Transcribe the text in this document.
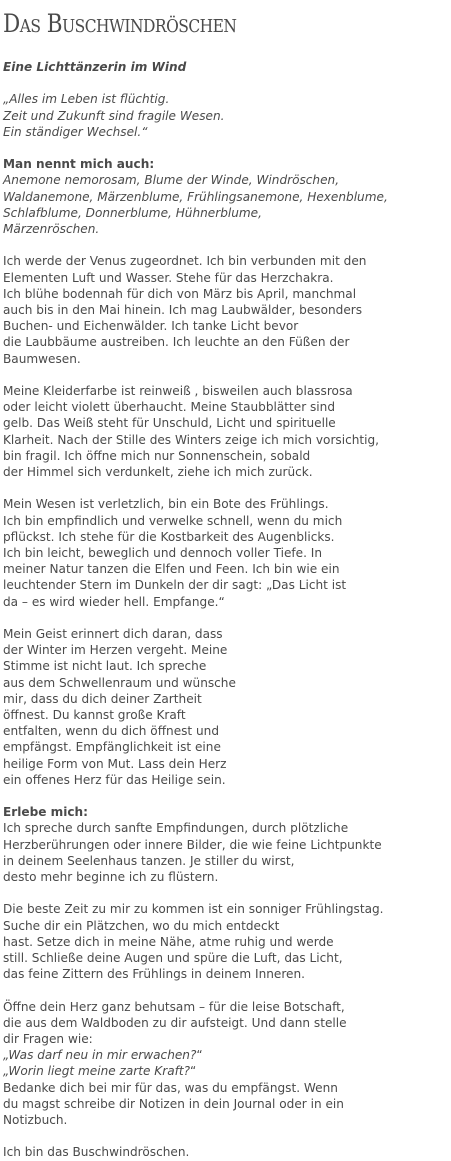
Das Buschwindröschen

Eine Lichttänzerin im Wind

„Alles im Leben ist flüchtig.
Zeit und Zukunft sind fragile Wesen.
Ein ständiger Wechsel.“

Man nennt mich auch:
Anemone nemorosam, Blume der Winde, Windröschen,
Waldanemone, Märzenblume, Frühlingsanemone, Hexenblume,
Schlafblume, Donnerblume, Hühnerblume,
Märzenröschen.

Ich werde der Venus zugeordnet. Ich bin verbunden mit den
Elementen Luft und Wasser. Stehe für das Herzchakra.
Ich blühe bodennah für dich von März bis April, manchmal
auch bis in den Mai hinein. Ich mag Laubwälder, besonders
Buchen- und Eichenwälder. Ich tanke Licht bevor
die Laubbäume austreiben. Ich leuchte an den Füßen der
Baumwesen.

Meine Kleiderfarbe ist reinweiß , bisweilen auch blassrosa
oder leicht violett überhaucht. Meine Staubblätter sind
gelb. Das Weiß steht für Unschuld, Licht und spirituelle
Klarheit. Nach der Stille des Winters zeige ich mich vorsichtig,
bin fragil. Ich öffne mich nur Sonnenschein, sobald
der Himmel sich verdunkelt, ziehe ich mich zurück.

Mein Wesen ist verletzlich, bin ein Bote des Frühlings.
Ich bin empfindlich und verwelke schnell, wenn du mich
pflückst. Ich stehe für die Kostbarkeit des Augenblicks.
Ich bin leicht, beweglich und dennoch voller Tiefe. In
meiner Natur tanzen die Elfen und Feen. Ich bin wie ein
leuchtender Stern im Dunkeln der dir sagt: „Das Licht ist
da – es wird wieder hell. Empfange.“

Mein Geist erinnert dich daran, dass
der Winter im Herzen vergeht. Meine
Stimme ist nicht laut. Ich spreche
aus dem Schwellenraum und wünsche
mir, dass du dich deiner Zartheit
öffnest. Du kannst große Kraft
entfalten, wenn du dich öffnest und
empfängst. Empfänglichkeit ist eine
heilige Form von Mut. Lass dein Herz
ein offenes Herz für das Heilige sein.

Erlebe mich:
Ich spreche durch sanfte Empfindungen, durch plötzliche
Herzberührungen oder innere Bilder, die wie feine Lichtpunkte
in deinem Seelenhaus tanzen. Je stiller du wirst,
desto mehr beginne ich zu flüstern.

Die beste Zeit zu mir zu kommen ist ein sonniger Frühlingstag.
Suche dir ein Plätzchen, wo du mich entdeckt
hast. Setze dich in meine Nähe, atme ruhig und werde
still. Schließe deine Augen und spüre die Luft, das Licht,
das feine Zittern des Frühlings in deinem Inneren.

Öffne dein Herz ganz behutsam – für die leise Botschaft,
die aus dem Waldboden zu dir aufsteigt. Und dann stelle
dir Fragen wie:
„Was darf neu in mir erwachen?“
„Worin liegt meine zarte Kraft?“
Bedanke dich bei mir für das, was du empfängst. Wenn
du magst schreibe dir Notizen in dein Journal oder in ein
Notizbuch.

Ich bin das Buschwindröschen.
